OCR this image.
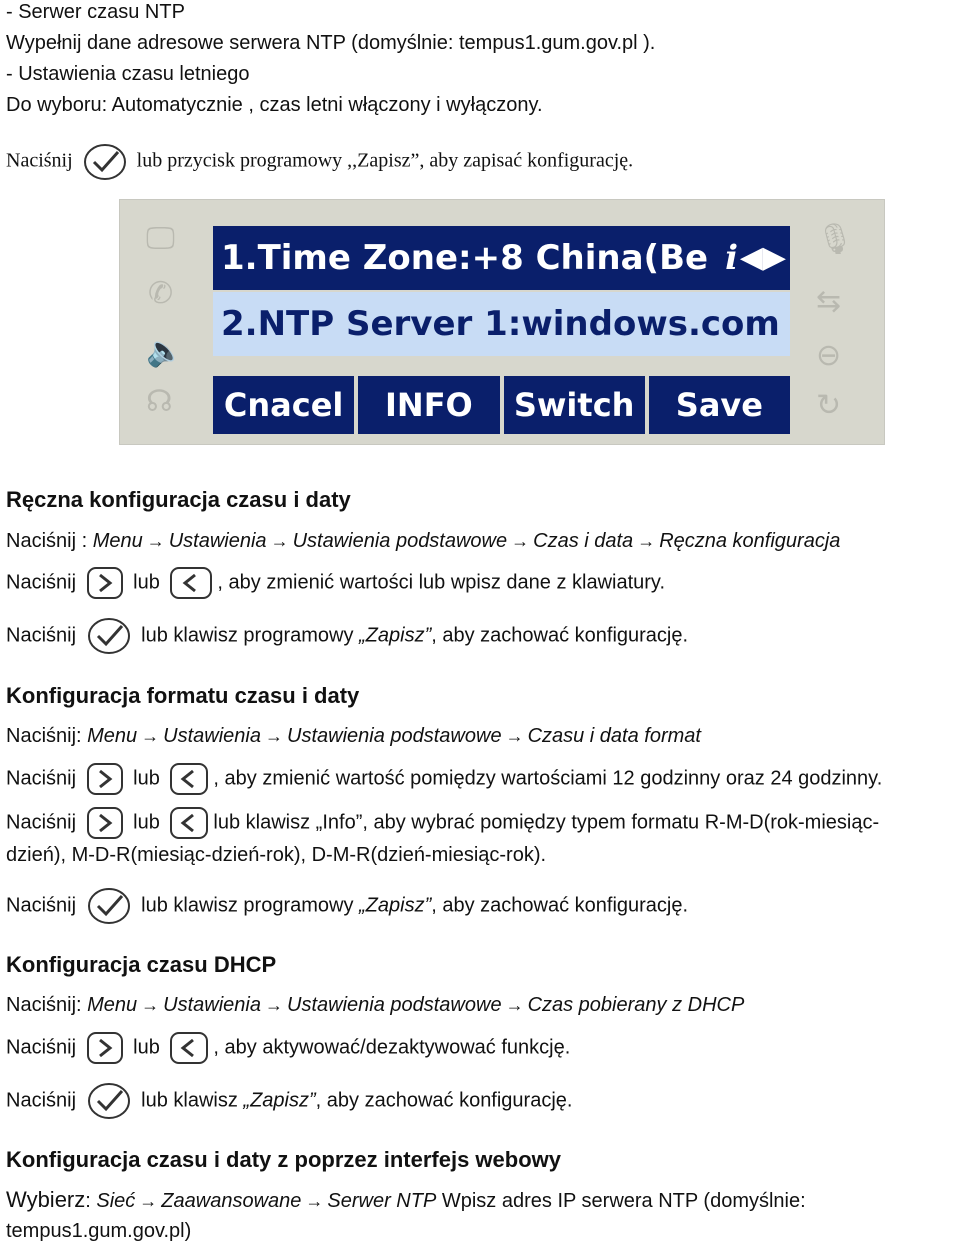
- Serwer czasu NTP
Wypełnij dane adresowe serwera NTP (domyślnie: tempus1.gum.gov.pl ).
- Ustawienia czasu letniego
Do wyboru: Automatycznie , czas letni włączony i wyłączony.
Naciśnij	lub przycisk programowy ,,Zapisz”, aby zapisać konfigurację.
🖵
✆
🔈
☊
🎙
⇆
⊖
↻
1.Time Zone:+8 China(Be i ◀▶
2.NTP Server 1:windows.com
Cnacel	INFO	Switch	Save
Ręczna konfiguracja czasu i daty
Naciśnij : Menu → Ustawienia → Ustawienia podstawowe → Czas i data → Ręczna konfiguracja
Naciśnij	lub	, aby zmienić wartości lub wpisz dane z klawiatury.
Naciśnij	lub klawisz programowy „Zapisz”, aby zachować konfigurację.
Konfiguracja formatu czasu i daty
Naciśnij: Menu → Ustawienia → Ustawienia podstawowe → Czasu i data format
Naciśnij	lub	, aby zmienić wartość pomiędzy wartościami 12 godzinny oraz 24 godzinny.
Naciśnij	lub	lub klawisz „Info”, aby wybrać pomiędzy typem formatu R-M-D(rok-miesiąc-
dzień), M-D-R(miesiąc-dzień-rok), D-M-R(dzień-miesiąc-rok).
Naciśnij	lub klawisz programowy „Zapisz”, aby zachować konfigurację.
Konfiguracja czasu DHCP
Naciśnij: Menu → Ustawienia → Ustawienia podstawowe → Czas pobierany z DHCP
Naciśnij	lub	, aby aktywować/dezaktywować funkcję.
Naciśnij	lub klawisz „Zapisz”, aby zachować konfigurację.
Konfiguracja czasu i daty z poprzez interfejs webowy
Wybierz: Sieć → Zaawansowane → Serwer NTP Wpisz adres IP serwera NTP (domyślnie:
tempus1.gum.gov.pl)
